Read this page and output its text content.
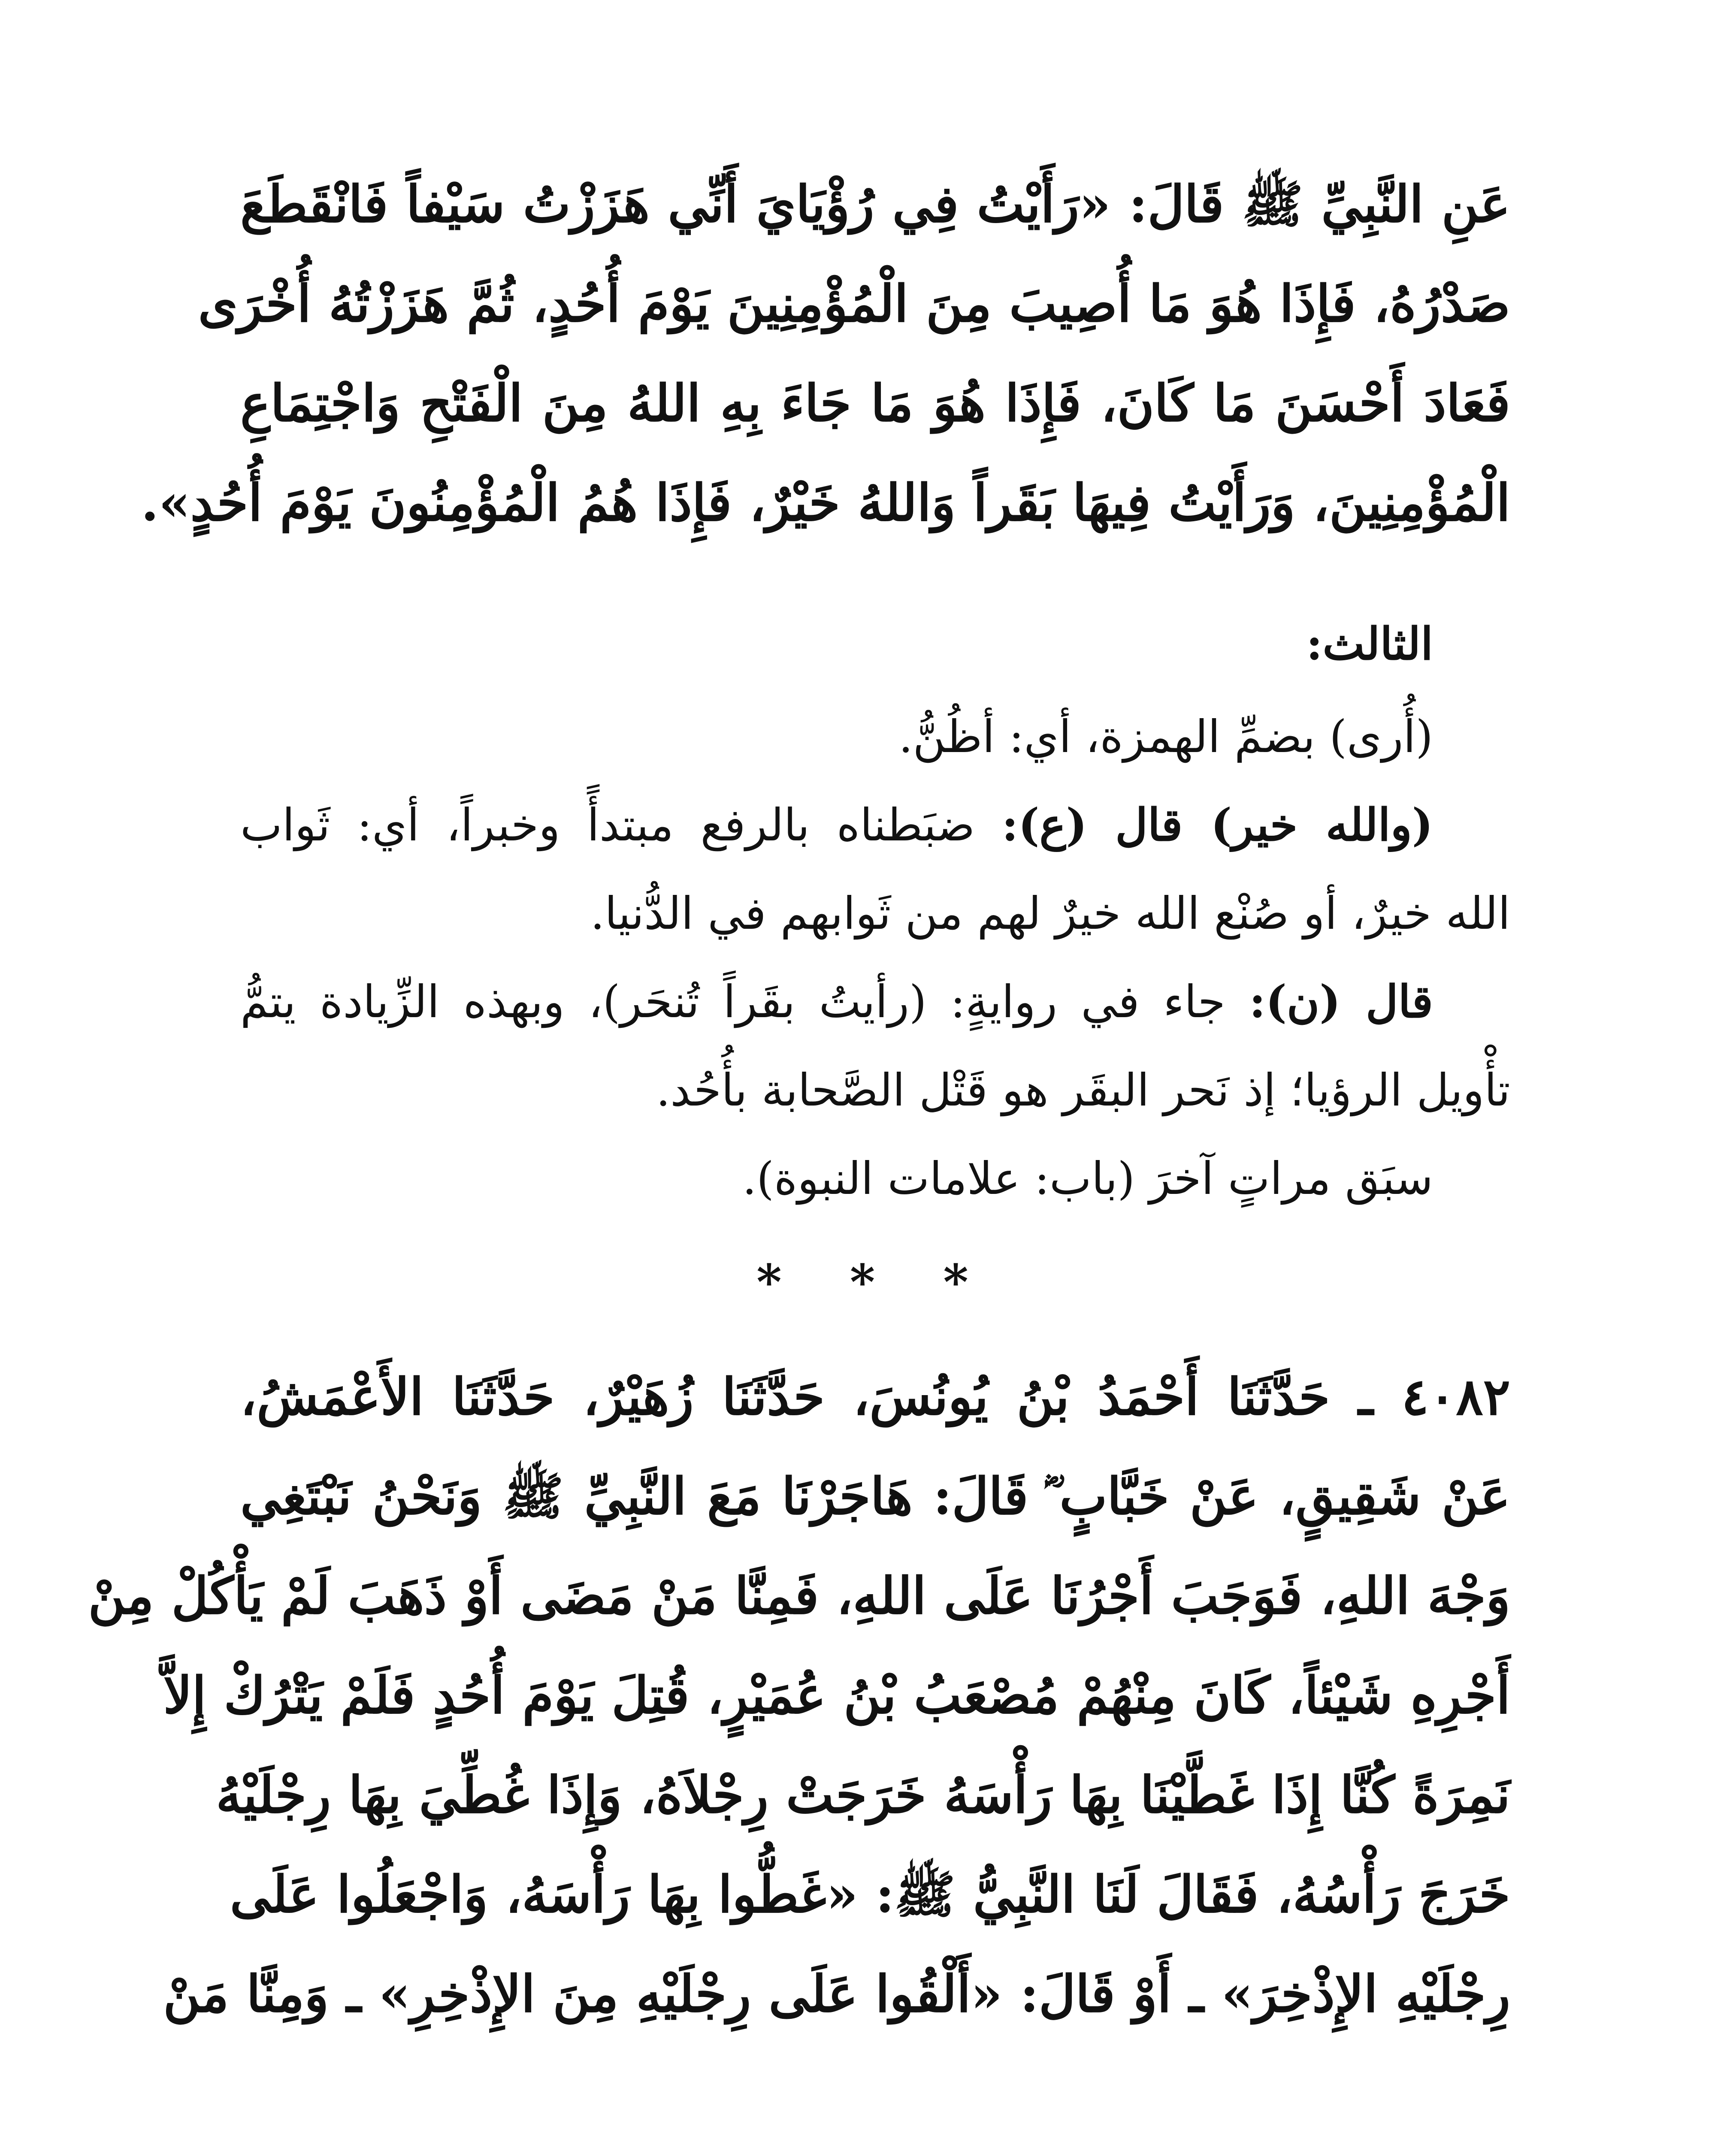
عَنِ النَّبِيِّ ﷺ قَالَ: «رَأَيْتُ فِي رُؤْيَايَ أَنِّي هَزَزْتُ سَيْفاً فَانْقَطَعَ
صَدْرُهُ، فَإِذَا هُوَ مَا أُصِيبَ مِنَ الْمُؤْمِنِينَ يَوْمَ أُحُدٍ، ثُمَّ هَزَزْتُهُ أُخْرَى
فَعَادَ أَحْسَنَ مَا كَانَ، فَإِذَا هُوَ مَا جَاءَ بِهِ اللهُ مِنَ الْفَتْحِ وَاجْتِمَاعِ
الْمُؤْمِنِينَ، وَرَأَيْتُ فِيهَا بَقَراً وَاللهُ خَيْرٌ، فَإِذَا هُمُ الْمُؤْمِنُونَ يَوْمَ أُحُدٍ».
الثالث:
(أُرى) بضمِّ الهمزة، أي: أظُنُّ.
(والله خير) قال (ع): ضبَطناه بالرفع مبتدأً وخبراً، أي: ثَواب
الله خيرٌ، أو صُنْع الله خيرٌ لهم من ثَوابهم في الدُّنيا.
قال (ن): جاء في روايةٍ: (رأيتُ بقَراً تُنحَر)، وبهذه الزِّيادة يتمُّ
تأْويل الرؤيا؛ إذ نَحر البقَر هو قَتْل الصَّحابة بأُحُد.
سبَق مراتٍ آخرَ (باب: علامات النبوة).
* * *
٤٠٨٢ ـ حَدَّثَنَا أَحْمَدُ بْنُ يُونُسَ، حَدَّثَنَا زُهَيْرٌ، حَدَّثَنَا الأَعْمَشُ،
عَنْ شَقِيقٍ، عَنْ خَبَّابٍ ؓ قَالَ: هَاجَرْنَا مَعَ النَّبِيِّ ﷺ وَنَحْنُ نَبْتَغِي
وَجْهَ اللهِ، فَوَجَبَ أَجْرُنَا عَلَى اللهِ، فَمِنَّا مَنْ مَضَى أَوْ ذَهَبَ لَمْ يَأْكُلْ مِنْ
أَجْرِهِ شَيْئاً، كَانَ مِنْهُمْ مُصْعَبُ بْنُ عُمَيْرٍ، قُتِلَ يَوْمَ أُحُدٍ فَلَمْ يَتْرُكْ إِلاَّ
نَمِرَةً كُنَّا إِذَا غَطَّيْنَا بِهَا رَأْسَهُ خَرَجَتْ رِجْلاَهُ، وَإِذَا غُطِّيَ بِهَا رِجْلَيْهُ
خَرَجَ رَأْسُهُ، فَقَالَ لَنَا النَّبِيُّ ﷺ: «غَطُّوا بِهَا رَأْسَهُ، وَاجْعَلُوا عَلَى
رِجْلَيْهِ الإِذْخِرَ» ـ أَوْ قَالَ: «أَلْقُوا عَلَى رِجْلَيْهِ مِنَ الإِذْخِرِ» ـ وَمِنَّا مَنْ
